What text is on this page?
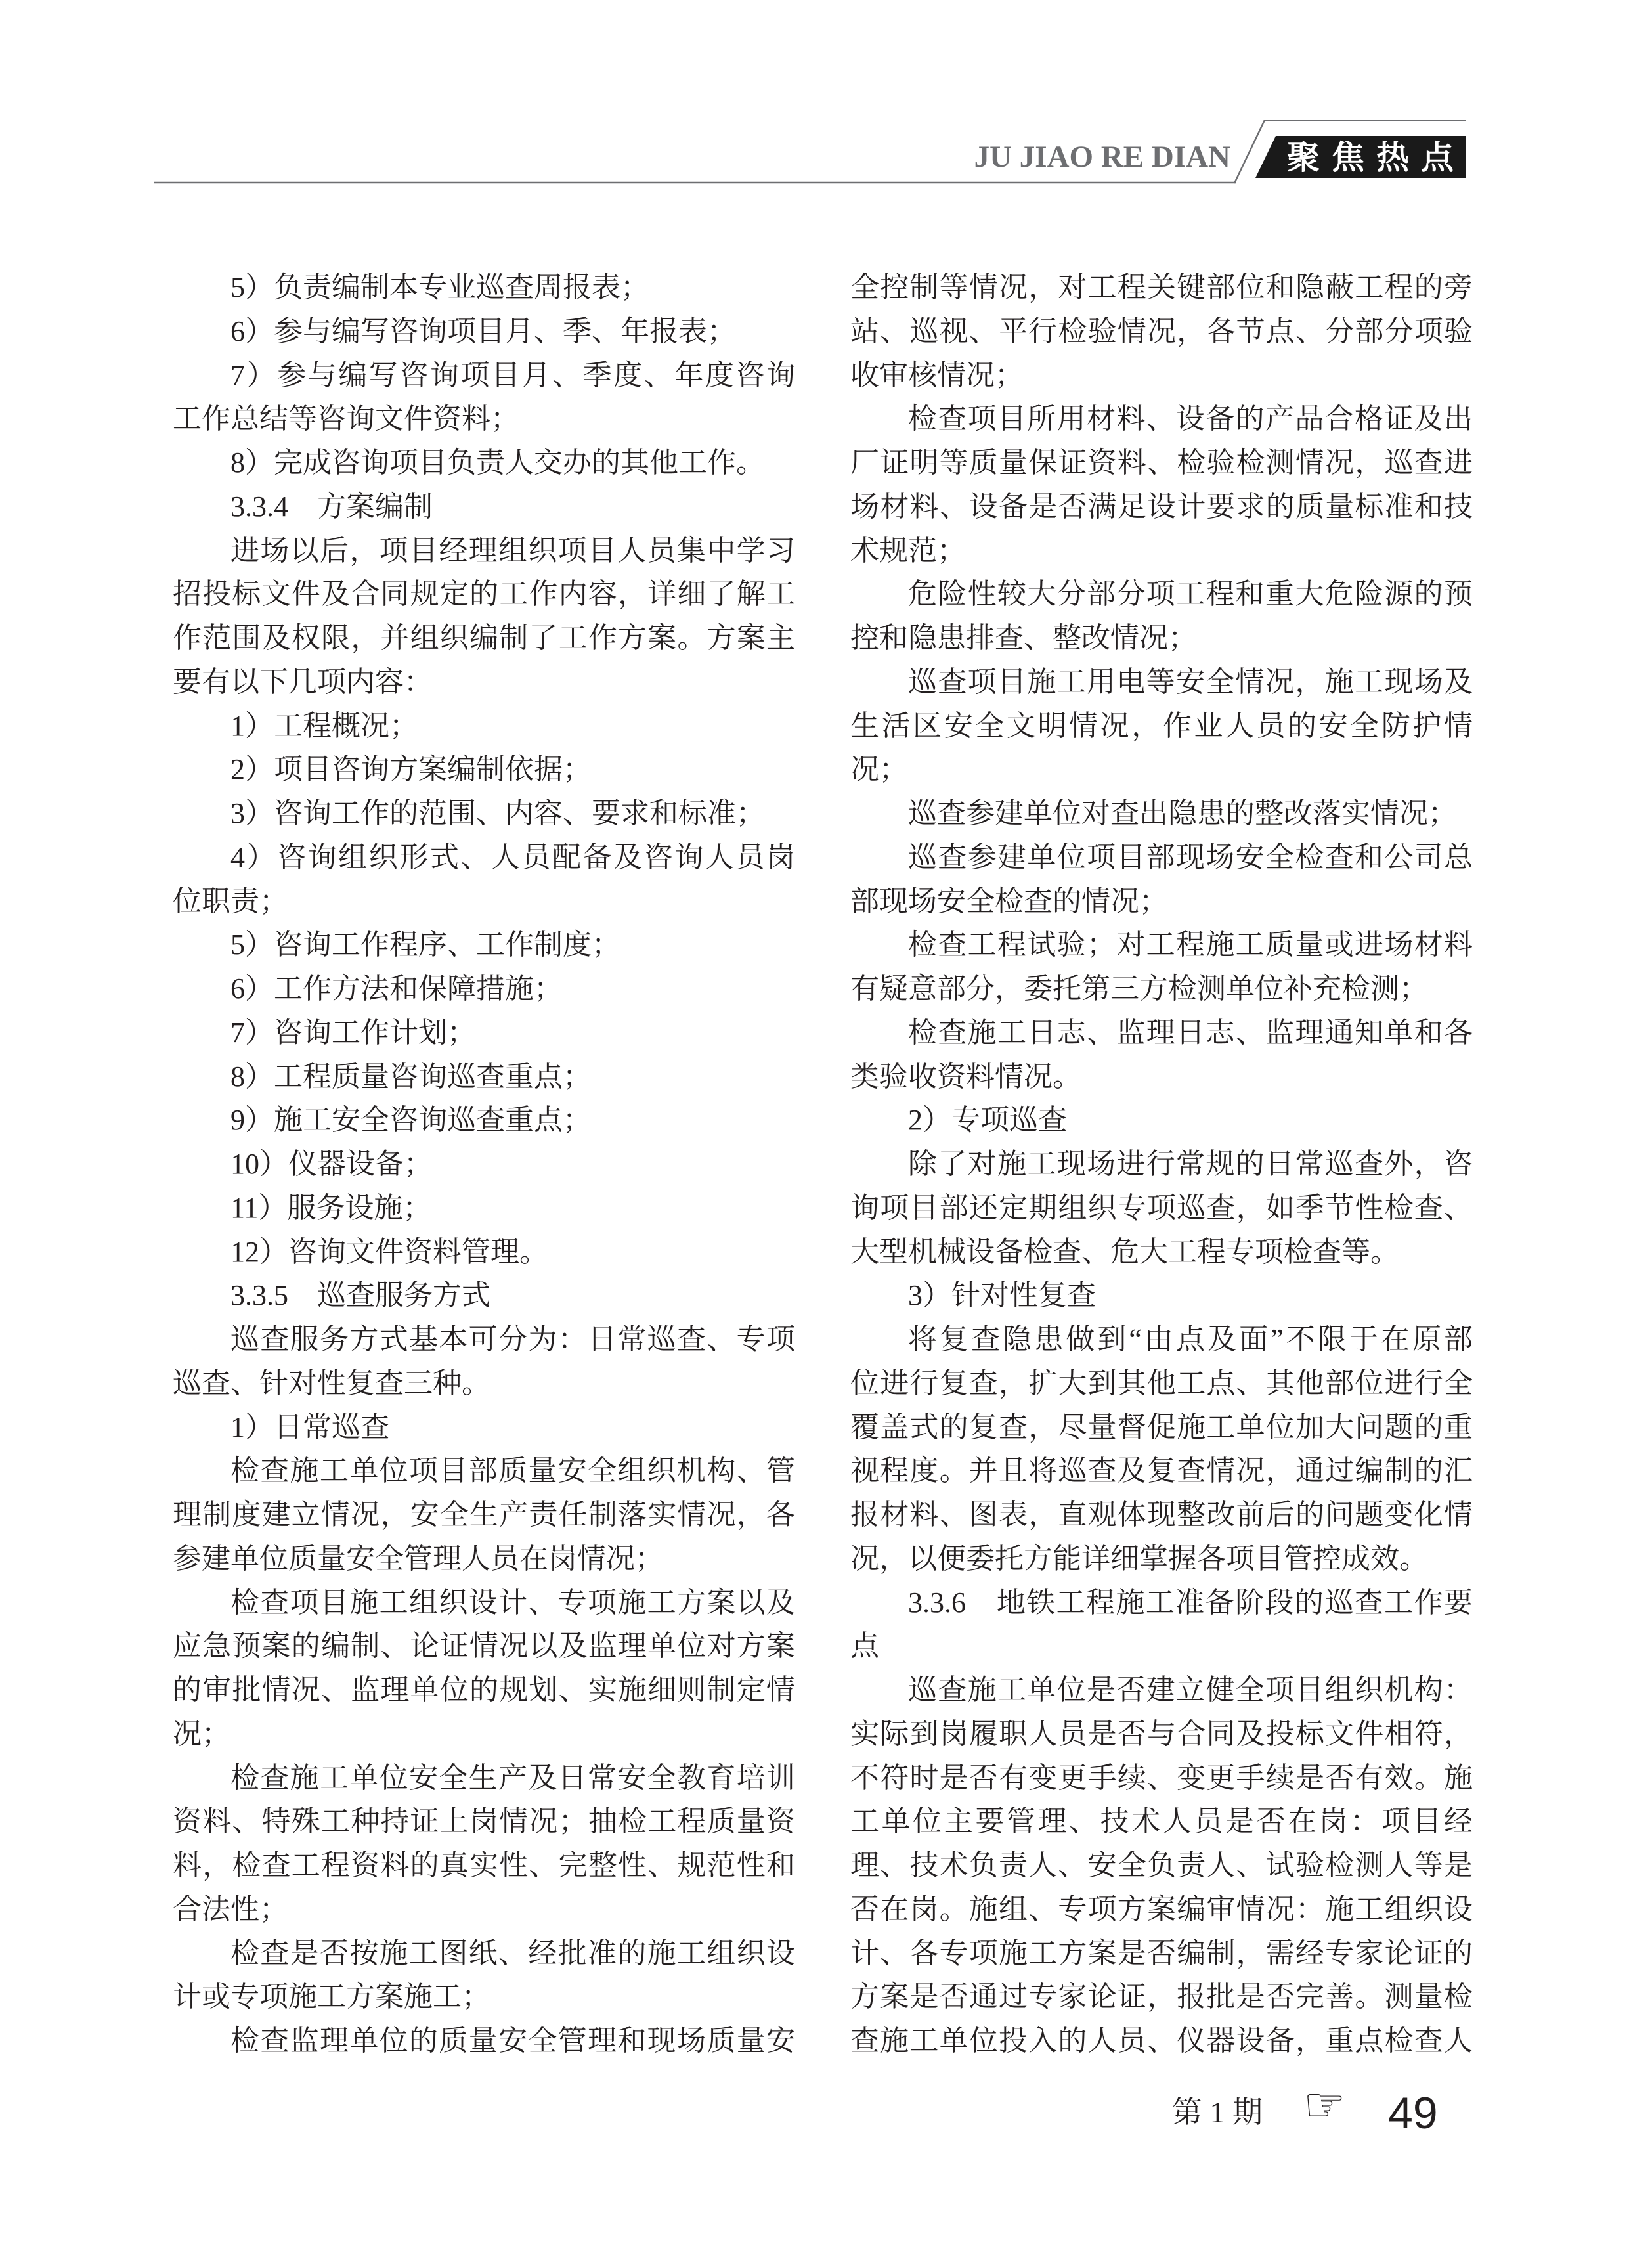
JU JIAO RE DIAN 聚焦热点
5）负责编制本专业巡查周报表；
6）参与编写咨询项目月、季、年报表；
7）参与编写咨询项目月、季度、年度咨询
工作总结等咨询文件资料；
8）完成咨询项目负责人交办的其他工作。
3.3.4　方案编制
进场以后，项目经理组织项目人员集中学习
招投标文件及合同规定的工作内容，详细了解工
作范围及权限，并组织编制了工作方案。方案主
要有以下几项内容：
1）工程概况；
2）项目咨询方案编制依据；
3）咨询工作的范围、内容、要求和标准；
4）咨询组织形式、人员配备及咨询人员岗
位职责；
5）咨询工作程序、工作制度；
6）工作方法和保障措施；
7）咨询工作计划；
8）工程质量咨询巡查重点；
9）施工安全咨询巡查重点；
10）仪器设备；
11）服务设施；
12）咨询文件资料管理。
3.3.5　巡查服务方式
巡查服务方式基本可分为：日常巡查、专项
巡查、针对性复查三种。
1）日常巡查
检查施工单位项目部质量安全组织机构、管
理制度建立情况，安全生产责任制落实情况，各
参建单位质量安全管理人员在岗情况；
检查项目施工组织设计、专项施工方案以及
应急预案的编制、论证情况以及监理单位对方案
的审批情况、监理单位的规划、实施细则制定情
况；
检查施工单位安全生产及日常安全教育培训
资料、特殊工种持证上岗情况；抽检工程质量资
料，检查工程资料的真实性、完整性、规范性和
合法性；
检查是否按施工图纸、经批准的施工组织设
计或专项施工方案施工；
检查监理单位的质量安全管理和现场质量安
全控制等情况，对工程关键部位和隐蔽工程的旁
站、巡视、平行检验情况，各节点、分部分项验
收审核情况；
检查项目所用材料、设备的产品合格证及出
厂证明等质量保证资料、检验检测情况，巡查进
场材料、设备是否满足设计要求的质量标准和技
术规范；
危险性较大分部分项工程和重大危险源的预
控和隐患排查、整改情况；
巡查项目施工用电等安全情况，施工现场及
生活区安全文明情况，作业人员的安全防护情
况；
巡查参建单位对查出隐患的整改落实情况；
巡查参建单位项目部现场安全检查和公司总
部现场安全检查的情况；
检查工程试验；对工程施工质量或进场材料
有疑意部分，委托第三方检测单位补充检测；
检查施工日志、监理日志、监理通知单和各
类验收资料情况。
2）专项巡查
除了对施工现场进行常规的日常巡查外，咨
询项目部还定期组织专项巡查，如季节性检查、
大型机械设备检查、危大工程专项检查等。
3）针对性复查
将复查隐患做到“由点及面”不限于在原部
位进行复查，扩大到其他工点、其他部位进行全
覆盖式的复查，尽量督促施工单位加大问题的重
视程度。并且将巡查及复查情况，通过编制的汇
报材料、图表，直观体现整改前后的问题变化情
况，以便委托方能详细掌握各项目管控成效。
3.3.6　地铁工程施工准备阶段的巡查工作要
点
巡查施工单位是否建立健全项目组织机构：
实际到岗履职人员是否与合同及投标文件相符，
不符时是否有变更手续、变更手续是否有效。施
工单位主要管理、技术人员是否在岗：项目经
理、技术负责人、安全负责人、试验检测人等是
否在岗。施组、专项方案编审情况：施工组织设
计、各专项施工方案是否编制，需经专家论证的
方案是否通过专家论证，报批是否完善。测量检
查施工单位投入的人员、仪器设备，重点检查人
第 1 期 ☞ 49
